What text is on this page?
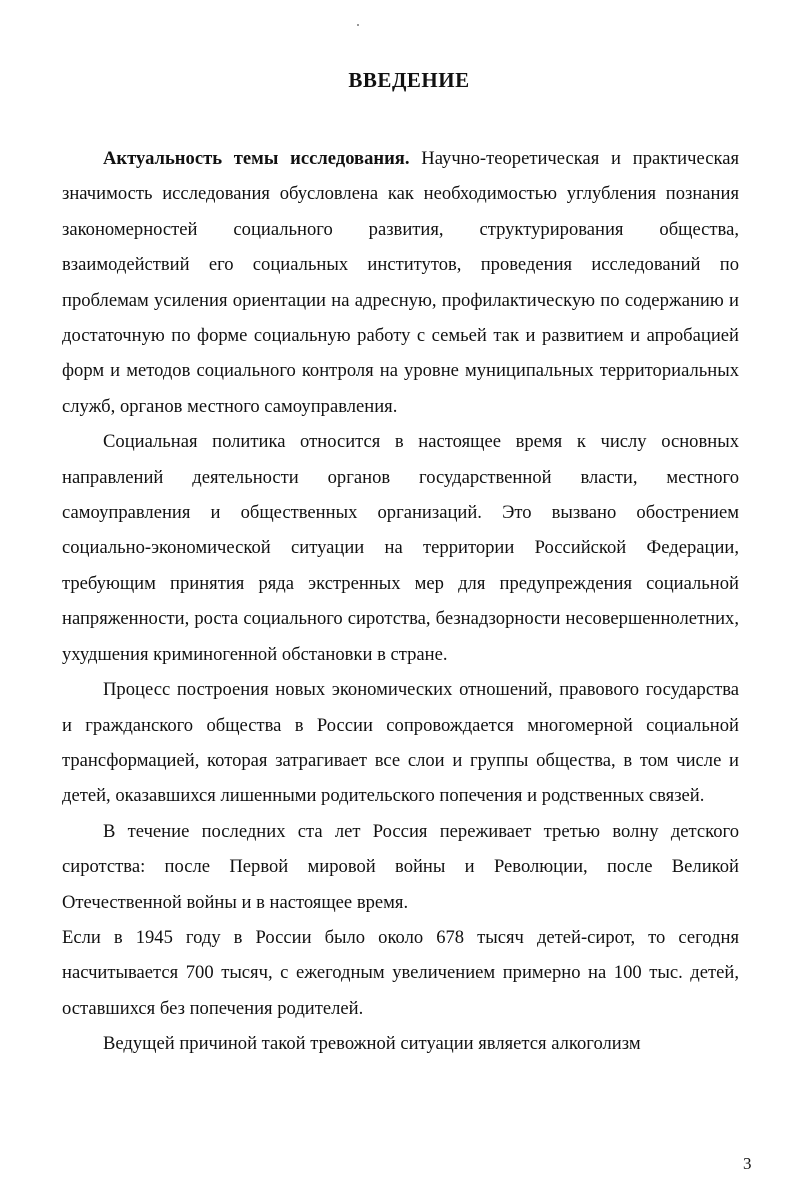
ВВЕДЕНИЕ

Актуальность темы исследования. Научно-теоретическая и практическая значимость исследования обусловлена как необходимостью углубления познания закономерностей социального развития, структурирования общества, взаимодействий его социальных институтов, проведения исследований по проблемам усиления ориентации на адресную, профилактическую по содержанию и достаточную по форме социальную работу с семьей так и развитием и апробацией форм и методов социального контроля на уровне муниципальных территориальных служб, органов местного самоуправления.

Социальная политика относится в настоящее время к числу основных направлений деятельности органов государственной власти, местного самоуправления и общественных организаций. Это вызвано обострением социально-экономической ситуации на территории Российской Федерации, требующим принятия ряда экстренных мер для предупреждения социальной напряженности, роста социального сиротства, безнадзорности несовершеннолетних, ухудшения криминогенной обстановки в стране.

Процесс построения новых экономических отношений, правового государства и гражданского общества в России сопровождается многомерной социальной трансформацией, которая затрагивает все слои и группы общества, в том числе и детей, оказавшихся лишенными родительского попечения и родственных связей.

В течение последних ста лет Россия переживает третью волну детского сиротства: после Первой мировой войны и Революции, после Великой Отечественной войны и в настоящее время.

Если в 1945 году в России было около 678 тысяч детей-сирот, то сегодня насчитывается 700 тысяч, с ежегодным увеличением примерно на 100 тыс. детей, оставшихся без попечения родителей.

Ведущей причиной такой тревожной ситуации является алкоголизм

3
